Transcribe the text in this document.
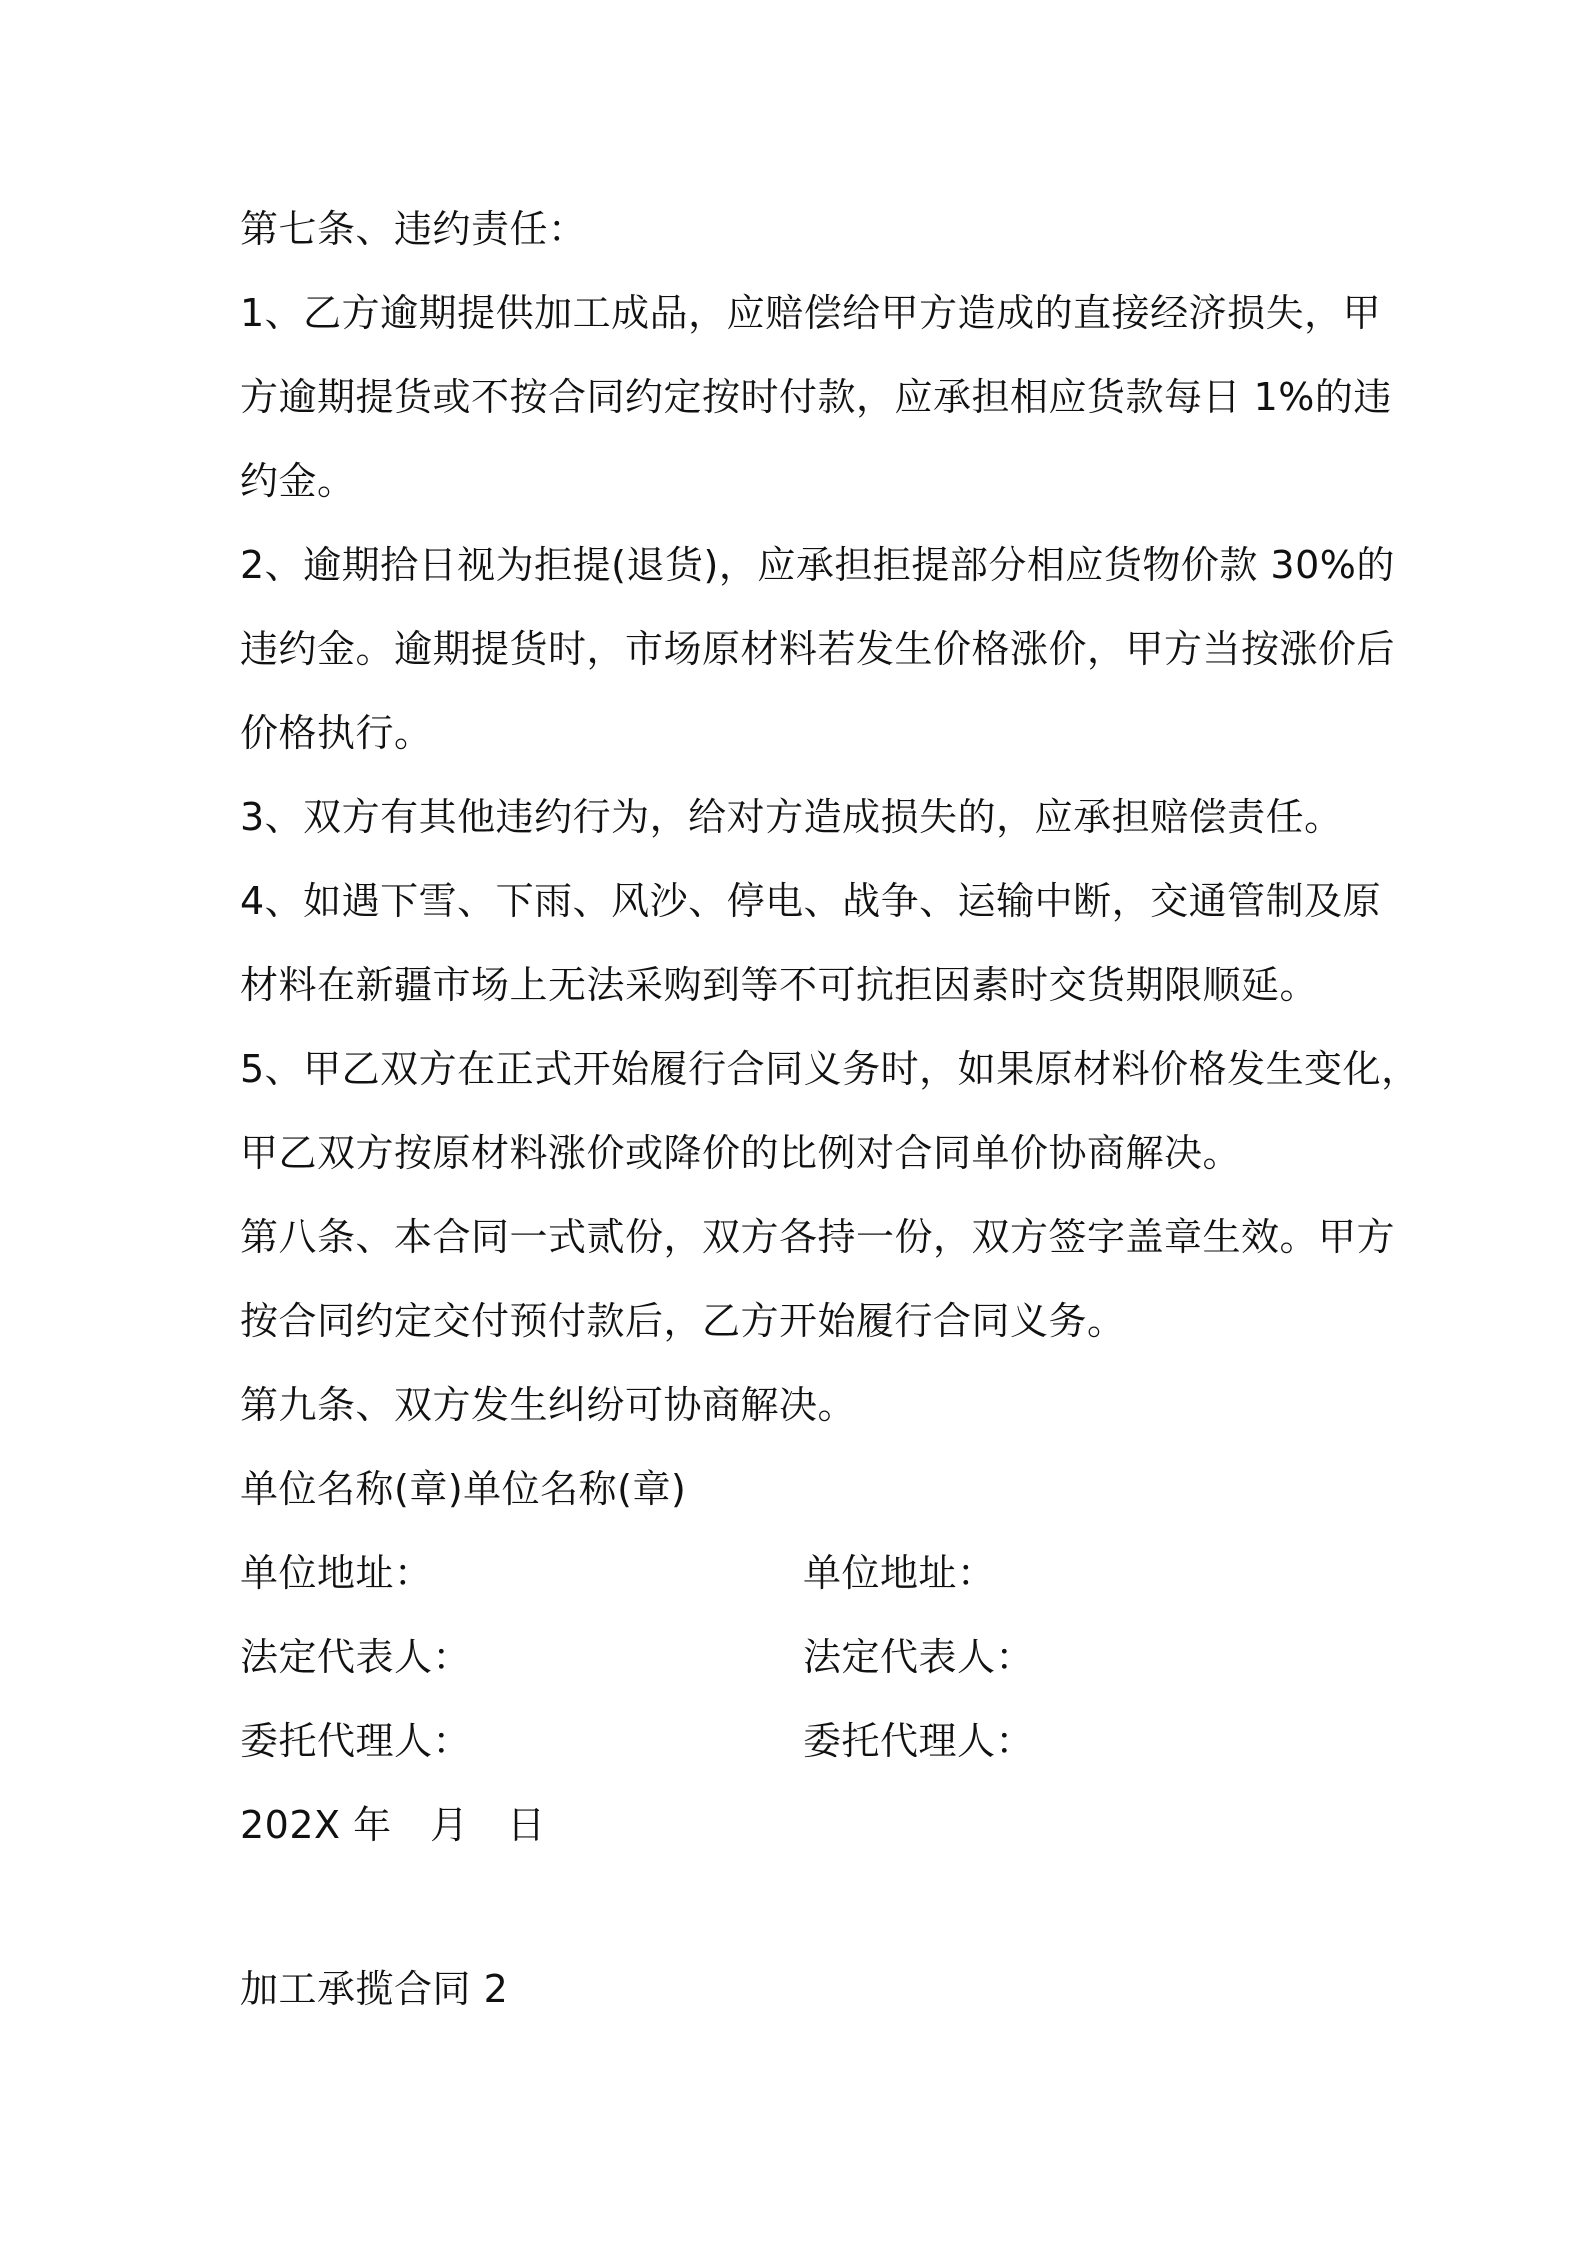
第七条、违约责任：
1、乙方逾期提供加工成品，应赔偿给甲方造成的直接经济损失，甲
方逾期提货或不按合同约定按时付款，应承担相应货款每日 1%的违
约金。
2、逾期拾日视为拒提(退货)，应承担拒提部分相应货物价款 30%的
违约金。逾期提货时，市场原材料若发生价格涨价，甲方当按涨价后
价格执行。
3、双方有其他违约行为，给对方造成损失的，应承担赔偿责任。
4、如遇下雪、下雨、风沙、停电、战争、运输中断，交通管制及原
材料在新疆市场上无法采购到等不可抗拒因素时交货期限顺延。
5、甲乙双方在正式开始履行合同义务时，如果原材料价格发生变化，
甲乙双方按原材料涨价或降价的比例对合同单价协商解决。
第八条、本合同一式贰份，双方各持一份，双方签字盖章生效。甲方
按合同约定交付预付款后，乙方开始履行合同义务。
第九条、双方发生纠纷可协商解决。
单位名称(章)单位名称(章)
单位地址：	单位地址：
法定代表人：	法定代表人：
委托代理人：	委托代理人：
202X 年　月　日
加工承揽合同 2
